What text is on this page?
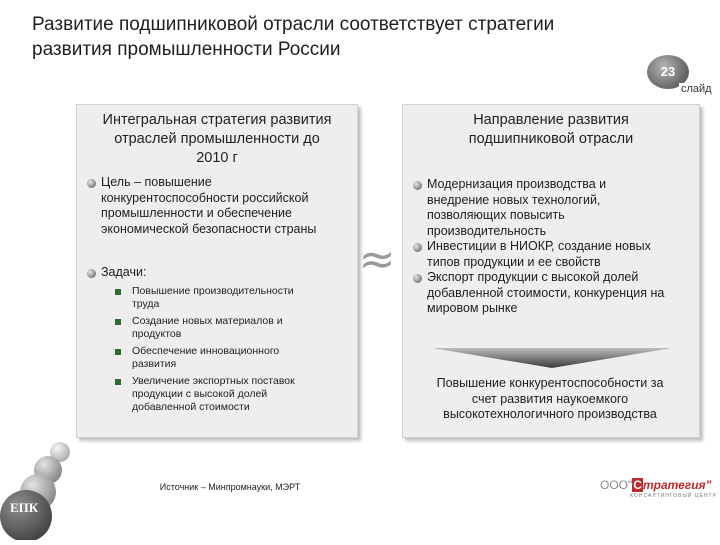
Развитие подшипниковой отрасли соответствует стратегии
развития промышленности России
23
слайд
Интегральная стратегия развития
отраслей промышленности до
2010 г
Цель – повышение
конкурентоспособности российской
промышленности и обеспечение
экономической безопасности страны
Задачи:
Повышение производительности
труда
Создание новых материалов и
продуктов
Обеспечение инновационного
развития
Увеличение экспортных поставок
продукции с высокой долей
добавленной стоимости
≈
Направление развития
подшипниковой отрасли
Модернизация производства и
внедрение новых технологий,
позволяющих повысить
производительность
Инвестиции в НИОКР, создание новых
типов продукции и ее свойств
Экспорт продукции с высокой долей
добавленной стоимости, конкуренция на
мировом рынке
Повышение конкурентоспособности за
счет развития наукоемкого
высокотехнологичного производства
Источник – Минпромнауки, МЭРТ
ЕПК
ООО"Стратегия"
КОНСАЛТИНГОВЫЙ ЦЕНТР
